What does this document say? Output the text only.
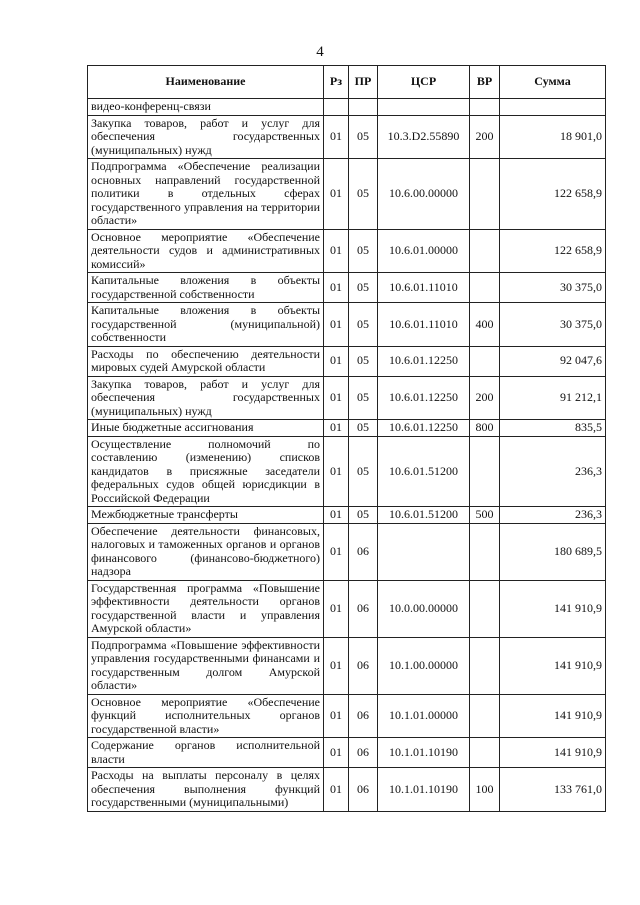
4
Наименование	Рз	ПР	ЦСР	ВР	Сумма
видео-конференц-связи					
Закупка товаров, работ и услуг для обеспечения государственных (муниципальных) нужд	01	05	10.3.D2.55890	200	18 901,0
Подпрограмма «Обеспечение реализации основных направлений государственной политики в отдельных сферах государственного управления на территории области»	01	05	10.6.00.00000		122 658,9
Основное мероприятие «Обеспечение деятельности судов и административных комиссий»	01	05	10.6.01.00000		122 658,9
Капитальные вложения в объекты государственной собственности	01	05	10.6.01.11010		30 375,0
Капитальные вложения в объекты государственной (муниципальной) собственности	01	05	10.6.01.11010	400	30 375,0
Расходы по обеспечению деятельности мировых судей Амурской области	01	05	10.6.01.12250		92 047,6
Закупка товаров, работ и услуг для обеспечения государственных (муниципальных) нужд	01	05	10.6.01.12250	200	91 212,1
Иные бюджетные ассигнования	01	05	10.6.01.12250	800	835,5
Осуществление полномочий по составлению (изменению) списков кандидатов в присяжные заседатели федеральных судов общей юрисдикции в Российской Федерации	01	05	10.6.01.51200		236,3
Межбюджетные трансферты	01	05	10.6.01.51200	500	236,3
Обеспечение деятельности финансовых, налоговых и таможенных органов и органов финансового (финансово-бюджетного) надзора	01	06			180 689,5
Государственная программа «Повышение эффективности деятельности органов государственной власти и управления Амурской области»	01	06	10.0.00.00000		141 910,9
Подпрограмма «Повышение эффективности управления государственными финансами и государственным долгом Амурской области»	01	06	10.1.00.00000		141 910,9
Основное мероприятие «Обеспечение функций исполнительных органов государственной власти»	01	06	10.1.01.00000		141 910,9
Содержание органов исполнительной власти	01	06	10.1.01.10190		141 910,9
Расходы на выплаты персоналу в целях обеспечения выполнения функций государственными (муниципальными)	01	06	10.1.01.10190	100	133 761,0
